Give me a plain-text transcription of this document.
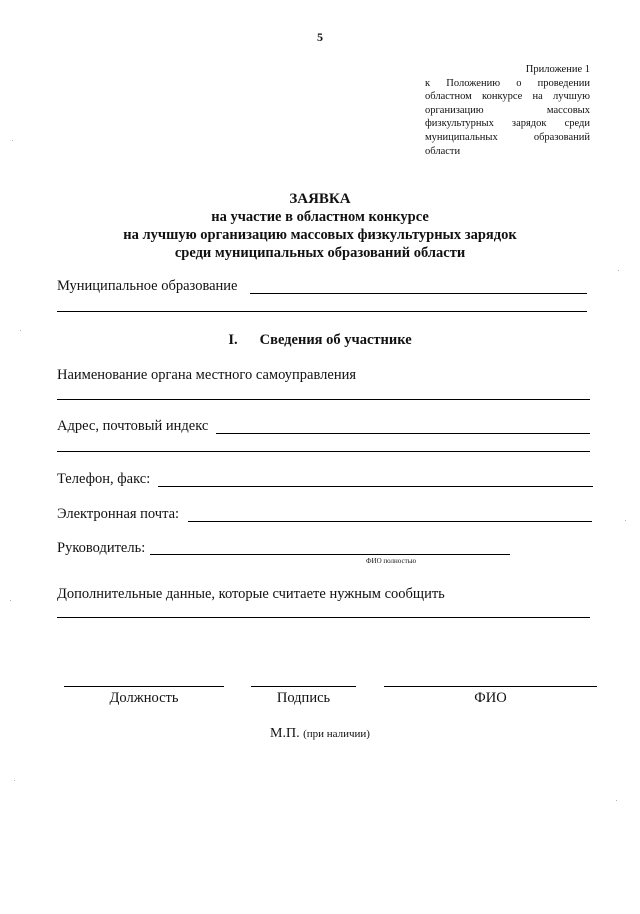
5
Приложение 1
к Положению о проведении областном конкурсе на лучшую организацию массовых физкультурных зарядок среди муниципальных образований области
ЗАЯВКА
на участие в областном конкурсе
на лучшую организацию массовых физкультурных зарядок
среди муниципальных образований области
Муниципальное образование
I. Сведения об участнике
Наименование органа местного самоуправления
Адрес, почтовый индекс
Телефон, факс:
Электронная почта:
Руководитель:
ФИО полностью
Дополнительные данные, которые считаете нужным сообщить
Должность	Подпись	ФИО
М.П. (при наличии)
